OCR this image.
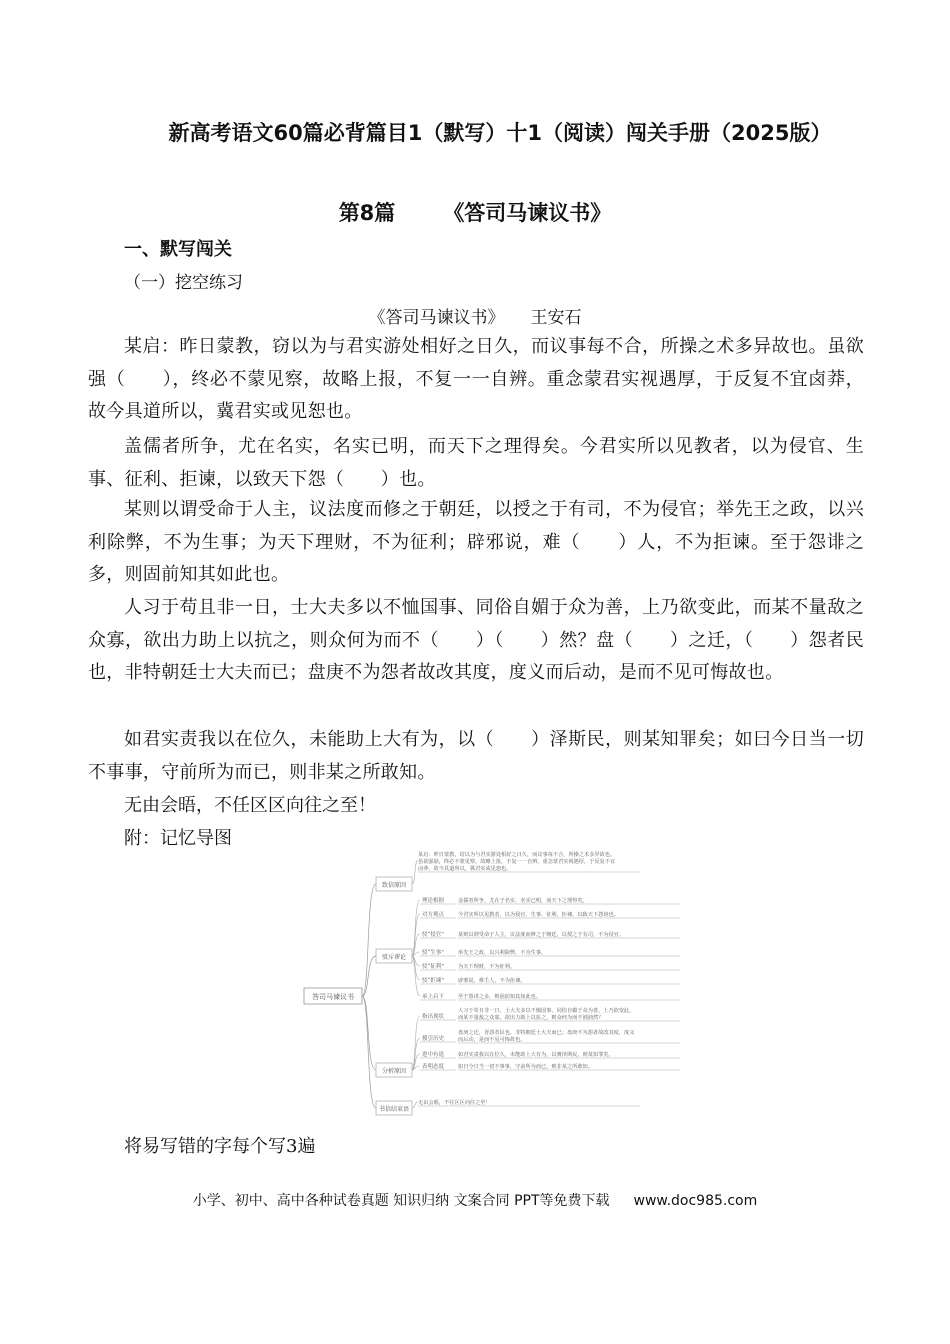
新高考语文60篇必背篇目1（默写）十1（阅读）闯关手册（2025版）
第8篇 《答司马谏议书》
一、默写闯关
（一）挖空练习
《答司马谏议书》 王安石
某启：昨日蒙教，窃以为与君实游处相好之日久，而议事每不合，所操之术多异故也。虽欲强（　　），终必不蒙见察，故略上报，不复一一自辨。重念蒙君实视遇厚，于反复不宜卤莽，故今具道所以，冀君实或见恕也。
盖儒者所争，尤在名实，名实已明，而天下之理得矣。今君实所以见教者，以为侵官、生事、征利、拒谏，以致天下怨（　　）也。
某则以谓受命于人主，议法度而修之于朝廷，以授之于有司，不为侵官；举先王之政，以兴利除弊，不为生事；为天下理财，不为征利；辟邪说，难（　　）人，不为拒谏。至于怨诽之多，则固前知其如此也。
人习于苟且非一日，士大夫多以不恤国事、同俗自媚于众为善，上乃欲变此，而某不量敌之众寡，欲出力助上以抗之，则众何为而不（　　）（　　）然？盘（　　）之迁，（　　）怨者民也，非特朝廷士大夫而已；盘庚不为怨者故改其度，度义而后动，是而不见可悔故也。
如君实责我以在位久，未能助上大有为，以（　　）泽斯民，则某知罪矣；如曰今日当一切不事事，守前所为而已，则非某之所敢知。
无由会晤，不任区区向往之至！
附：记忆导图
答司马谏议书
致信原因
某启：昨日蒙教，窃以为与君实游处相好之日久，而议事每不合，所操之术多异故也。
虽欲强聒，终必不蒙见察，故略上报，不复一一自辨。重念蒙君实视遇厚，于反复不宜
卤莽，故今具道所以，冀君实或见恕也。
驳斥谬论
理论根据	盖儒者所争，尤在于名实，名实已明，而天下之理得矣。
对方观点	今君实所以见教者，以为侵官、生事、征利、拒谏，以致天下怨谤也。
驳“侵官”	某则以谓受命于人主，议法度而修之于朝廷，以授之于有司，不为侵官。
驳“生事”	举先王之政，以兴利除弊，不为生事。
驳“征利”	为天下理财，不为征利。
驳“拒谏”	辟邪说，难壬人，不为拒谏。
承上启下	至于怨诽之多，则固前知其如此也。
分析原因
指出现状
人习于苟且非一日，士大夫多以不恤国事，同俗自媚于众为善，上乃欲变此，
而某不量敌之众寡，欲出力助上以抗之，则众何为而不汹汹然？
援引历史
盘庚之迁，胥怨者民也，非特朝廷士大夫而已；盘庚不为怨者故改其度，度义
而后动，是而不见可悔故也。
进中有退	如君实责我以在位久，未能助上大有为，以膏泽斯民，则某知罪矣。
表明态度	如曰今日当一切不事事，守前所为而已，则非某之所敢知。
书信结束语
无由会晤，不任区区向往之至！
将易写错的字每个写3遍
小学、初中、高中各种试卷真题 知识归纳 文案合同 PPT等免费下载 www.doc985.com
